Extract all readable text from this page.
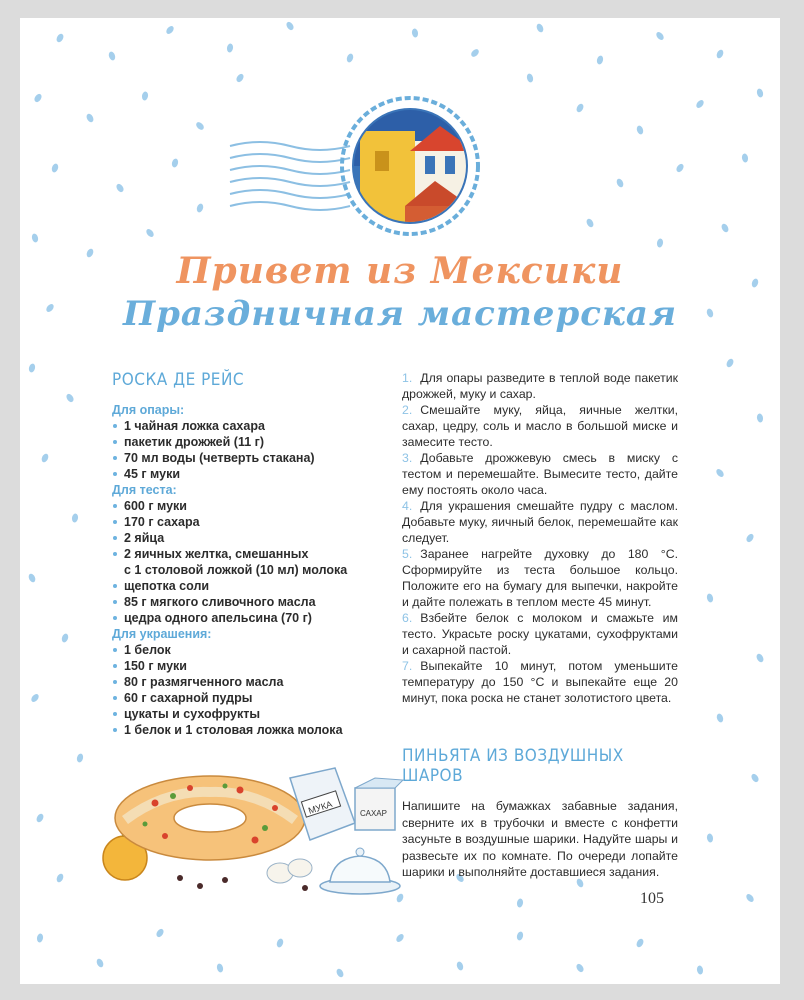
Привет из Мексики
Праздничная мастерская
РОСКА ДЕ РЕЙС

Для опары:

1 чайная ложка сахара
пакетик дрожжей (11 г)
70 мл воды (четверть стакана)
45 г муки

Для теста:

600 г муки
170 г сахара
2 яйца
2 яичных желтка, смешанных
с 1 столовой ложкой (10 мл) молока
щепотка соли
85 г мягкого сливочного масла
цедра одного апельсина (70 г)

Для украшения:

1 белок
150 г муки
80 г размягченного масла
60 г сахарной пудры
цукаты и сухофрукты
1 белок и 1 столовая ложка молока
1. Для опары разведите в теплой воде пакетик дрожжей, муку и сахар.
2. Смешайте муку, яйца, яичные желтки, сахар, цедру, соль и масло в большой миске и замесите тесто.
3. Добавьте дрожжевую смесь в миску с тестом и перемешайте. Вымесите тесто, дайте ему постоять около часа.
4. Для украшения смешайте пудру с маслом. Добавьте муку, яичный белок, перемешайте как следует.
5. Заранее нагрейте духовку до 180 °C. Сформируйте из теста большое кольцо. Положите его на бумагу для выпечки, накройте и дайте полежать в теплом месте 45 минут.
6. Взбейте белок с молоком и смажьте им тесто. Украсьте роску цукатами, сухофруктами и сахарной пастой.
7. Выпекайте 10 минут, потом уменьшите температуру до 150 °C и выпекайте еще 20 минут, пока роска не станет золотистого цвета.
ПИНЬЯТА ИЗ ВОЗДУШНЫХ ШАРОВ

Напишите на бумажках забавные задания, сверните их в трубочки и вместе с конфетти засуньте в воздушные шарики. Надуйте шары и развесьте их по комнате. По очереди лопайте шарики и выполняйте доставшиеся задания.

МУКА	САХАР
105
